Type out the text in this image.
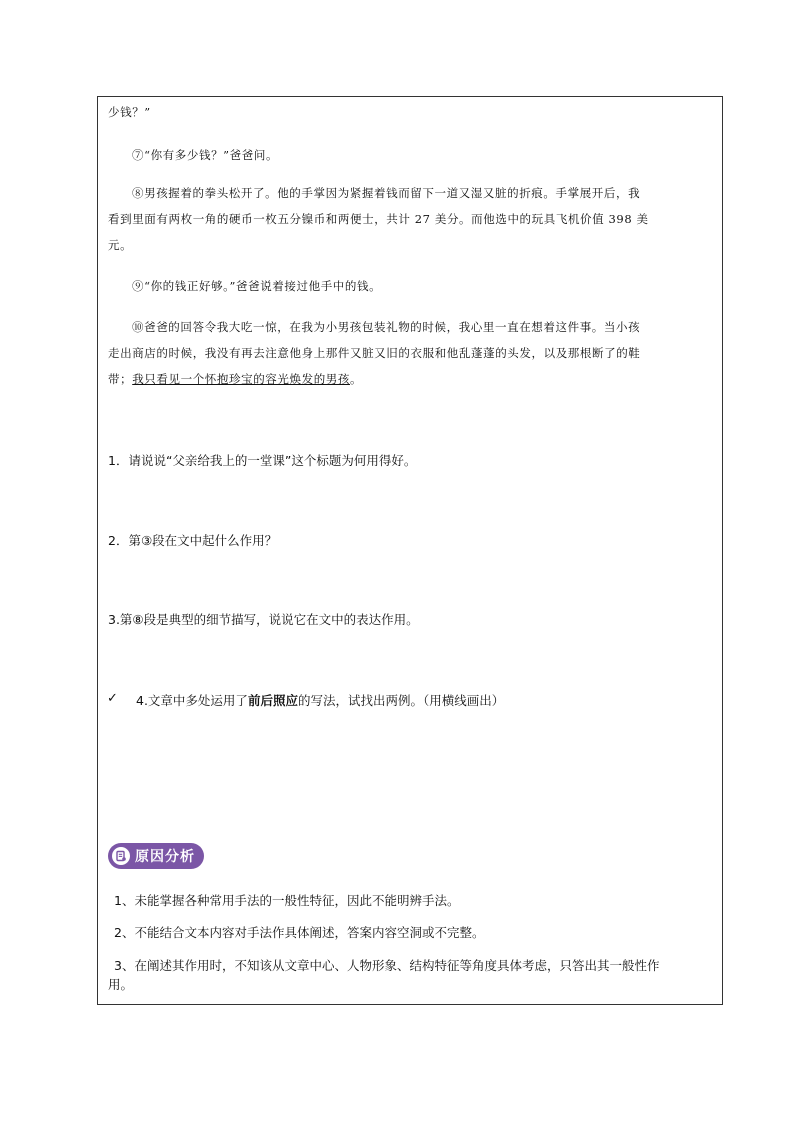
少钱？”
⑦“你有多少钱？”爸爸问。
⑧男孩握着的拳头松开了。他的手掌因为紧握着钱而留下一道又湿又脏的折痕。手掌展开后，我
看到里面有两枚一角的硬币一枚五分镍币和两便士，共计 27 美分。而他选中的玩具飞机价值 398 美
元。
⑨“你的钱正好够。”爸爸说着接过他手中的钱。
⑩爸爸的回答令我大吃一惊，在我为小男孩包装礼物的时候，我心里一直在想着这件事。当小孩
走出商店的时候，我没有再去注意他身上那件又脏又旧的衣服和他乱蓬蓬的头发，以及那根断了的鞋
带；我只看见一个怀抱珍宝的容光焕发的男孩。
1．请说说“父亲给我上的一堂课”这个标题为何用得好。
2．第③段在文中起什么作用？
3.第⑧段是典型的细节描写，说说它在文中的表达作用。
✓ 4.文章中多处运用了前后照应的写法，试找出两例。（用横线画出）
原因分析
1、未能掌握各种常用手法的一般性特征，因此不能明辨手法。
2、不能结合文本内容对手法作具体阐述，答案内容空洞或不完整。
3、在阐述其作用时，不知该从文章中心、人物形象、结构特征等角度具体考虑，只答出其一般性作
用。
